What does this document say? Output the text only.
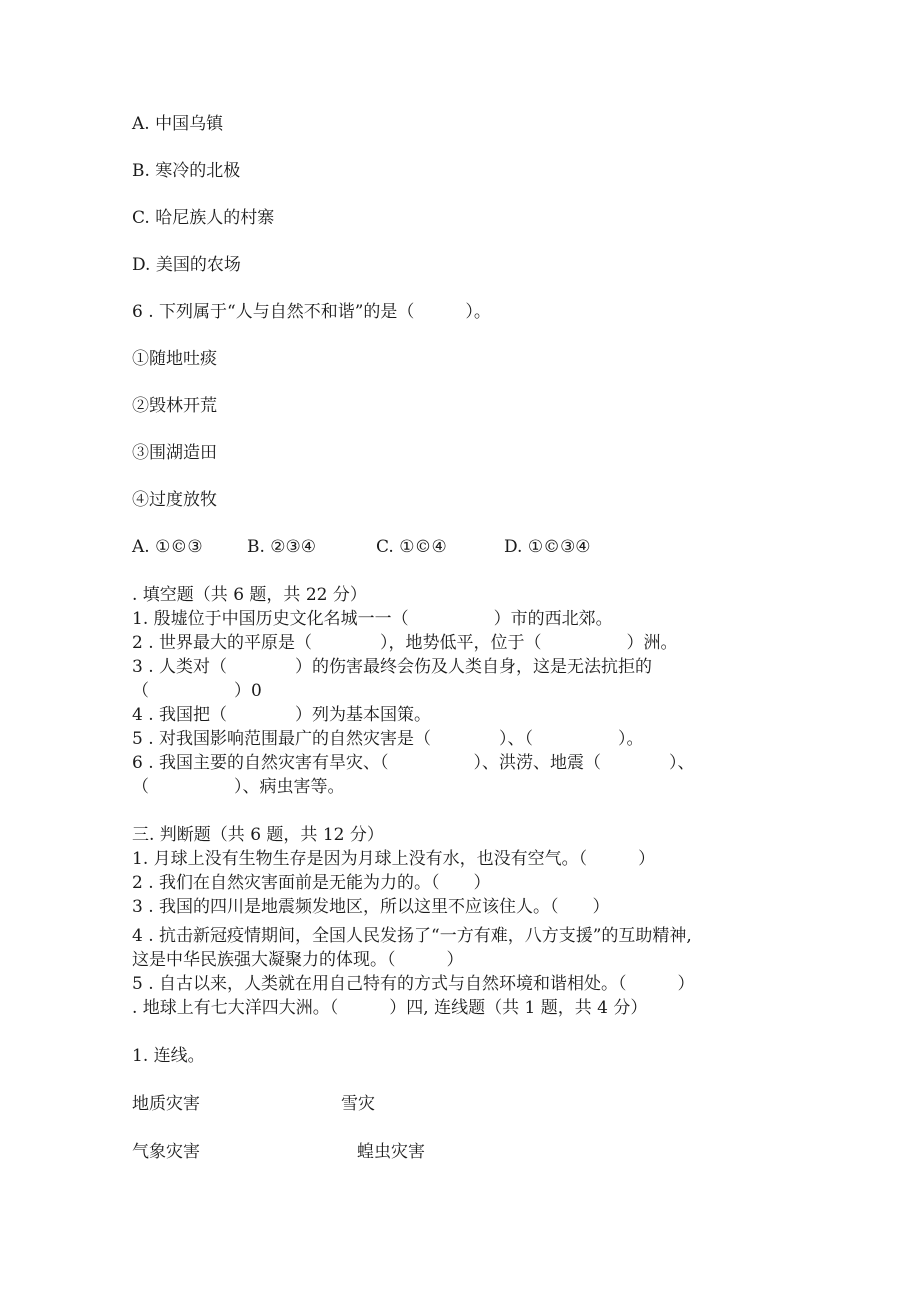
A. 中国乌镇
B. 寒冷的北极
C. 哈尼族人的村寨
D. 美国的农场
6 . 下列属于“人与自然不和谐”的是（　　　）。
①随地吐痰
②毁林开荒
③围湖造田
④过度放牧
A. ①©③	B. ②③④	C. ①©④	D. ①©③④
. 填空题（共 6 题，共 22 分）
1. 殷墟位于中国历史文化名城一一（　　　　　）市的西北郊。
2 . 世界最大的平原是（　　　　），地势低平，位于（　　　　　）洲。
3 . 人类对（　　　　）的伤害最终会伤及人类自身，这是无法抗拒的
（　　　　　）0
4 . 我国把（　　　　）列为基本国策。
5 . 对我国影响范围最广的自然灾害是（　　　　）、（　　　　　）。
6 . 我国主要的自然灾害有旱灾、（　　　　　）、洪涝、地震（　　　　）、
（　　　　　）、病虫害等。
三. 判断题（共 6 题，共 12 分）
1. 月球上没有生物生存是因为月球上没有水，也没有空气。（　　　）
2 . 我们在自然灾害面前是无能为力的。（　　）
3 . 我国的四川是地震频发地区，所以这里不应该住人。（　　）
4 . 抗击新冠疫情期间，全国人民发扬了“一方有难，八方支援”的互助精神,
这是中华民族强大凝聚力的体现。（　　　）
5 . 自古以来，人类就在用自己特有的方式与自然环境和谐相处。（　　　）
. 地球上有七大洋四大洲。（　　　）四, 连线题（共 1 题，共 4 分）
1. 连线。
地质灾害	雪灾
气象灾害	蝗虫灾害
